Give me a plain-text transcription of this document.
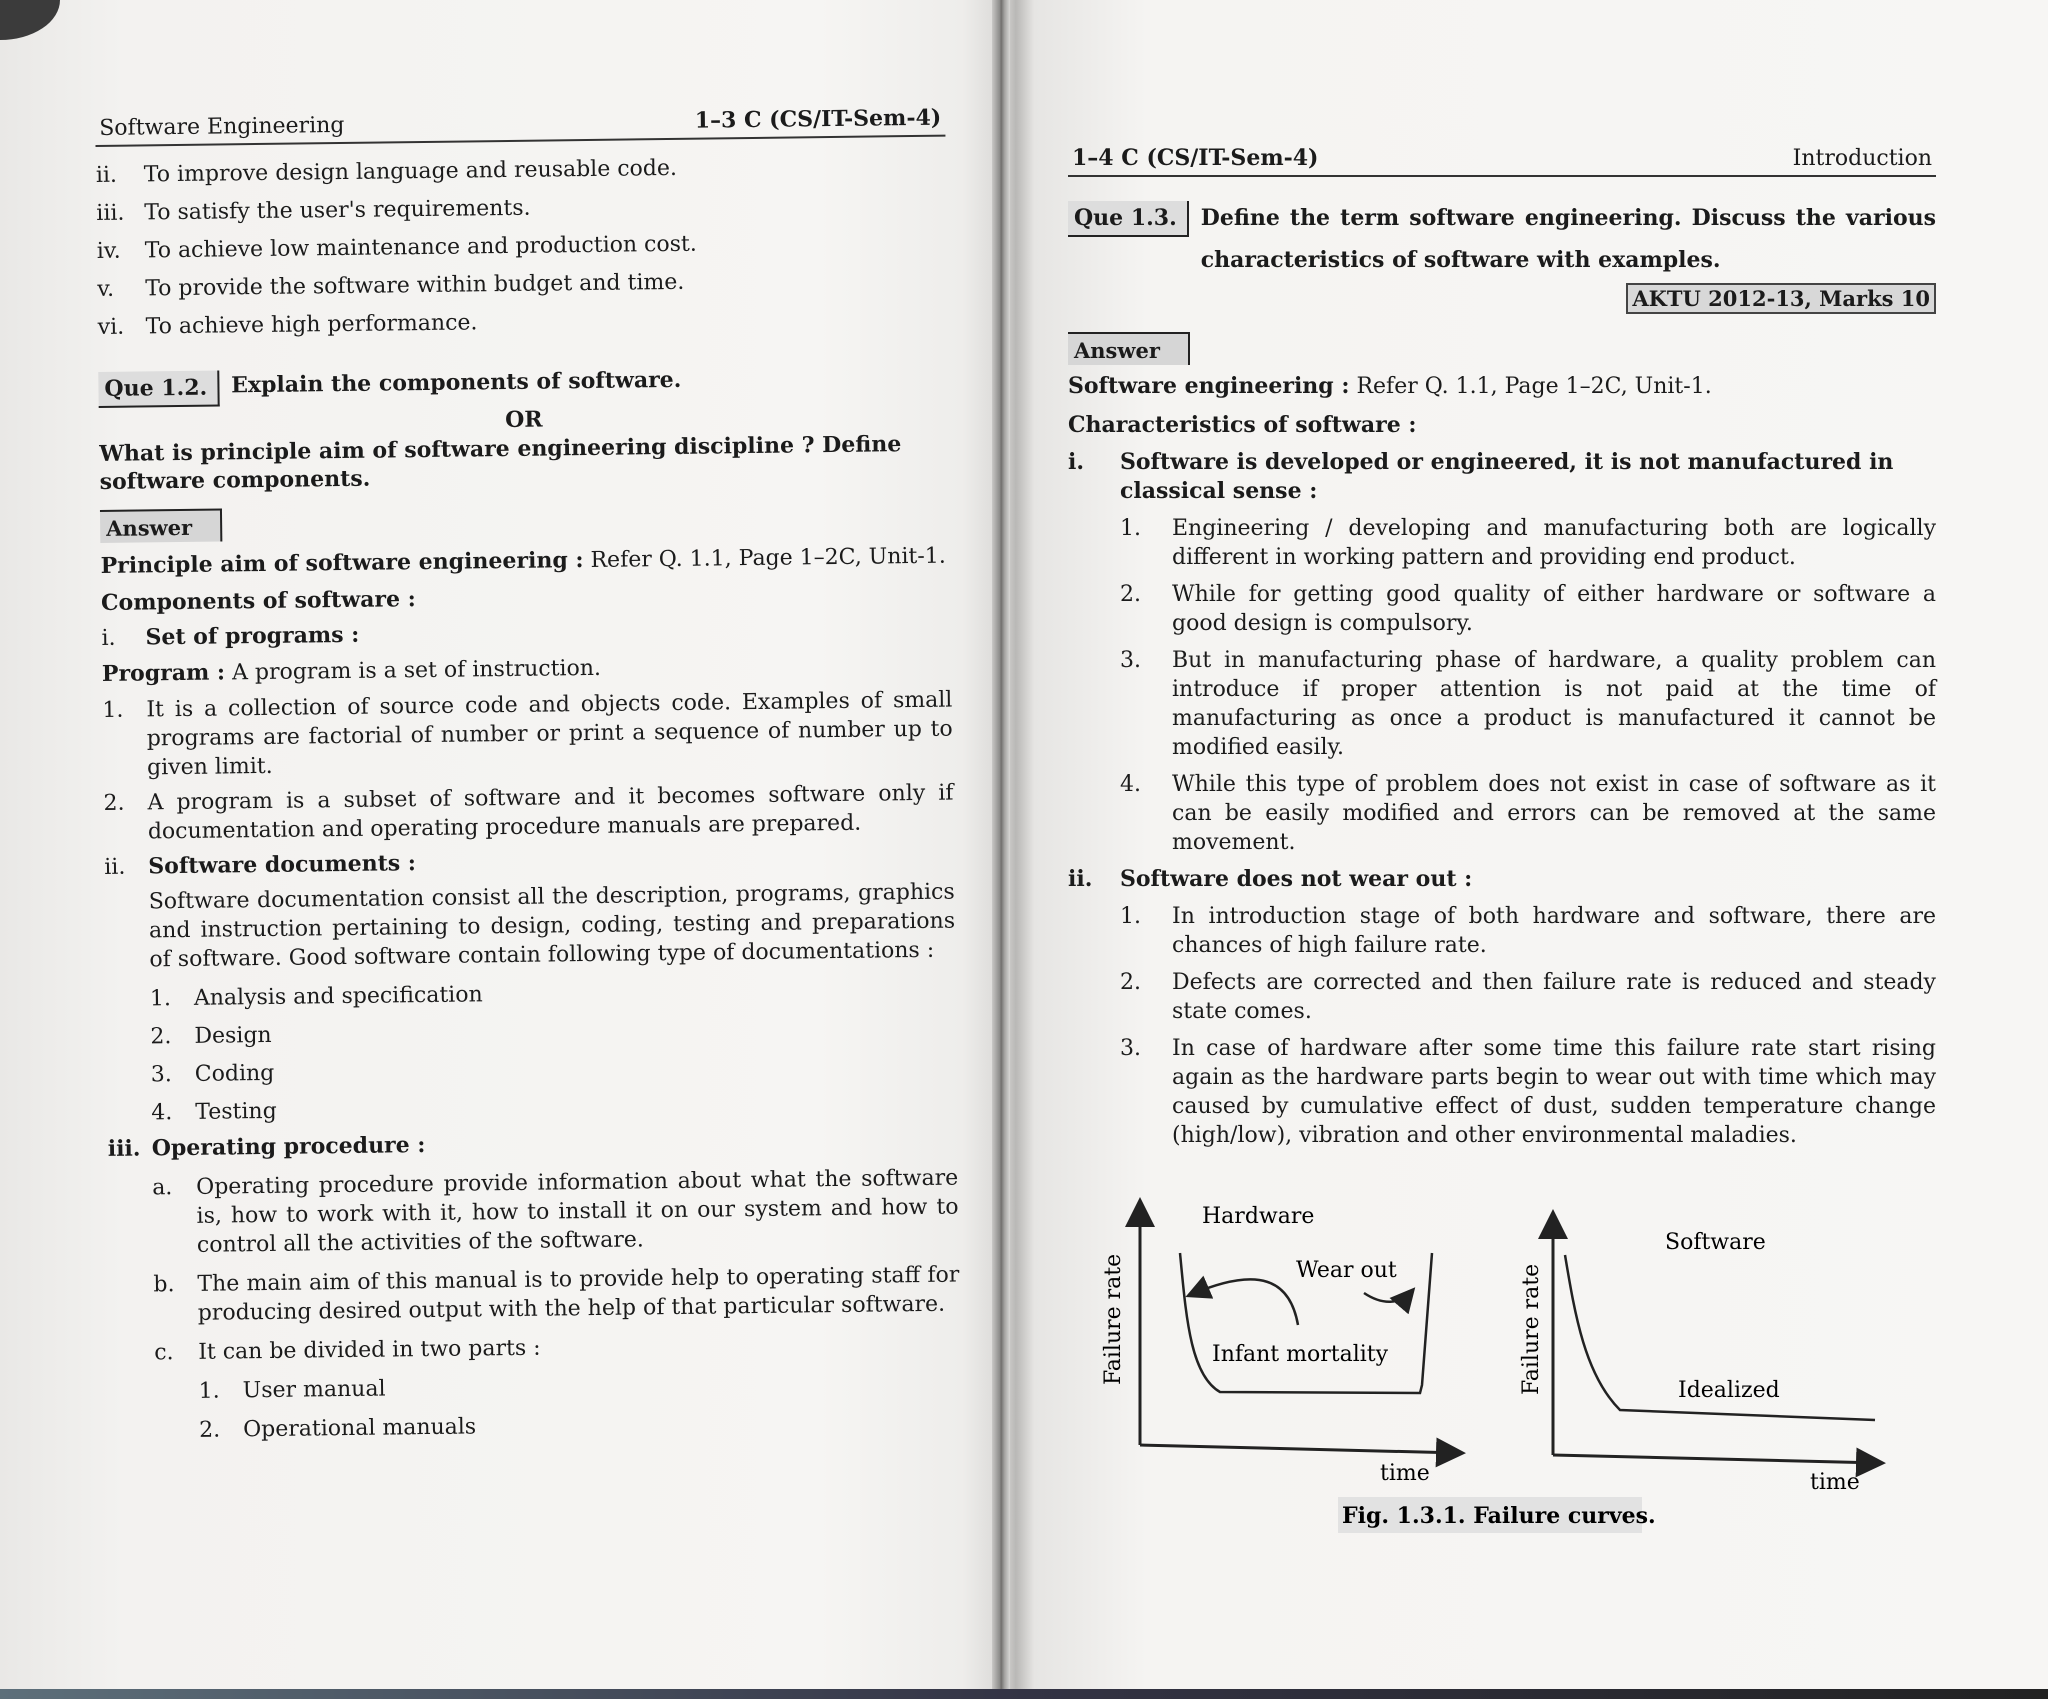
Software Engineering	1–3 C (CS/IT-Sem-4)
ii.	To improve design language and reusable code.
iii. To satisfy the user's requirements.
iv.	To achieve low maintenance and production cost.
v.	To provide the software within budget and time.
vi. To achieve high performance.
Que 1.2.	Explain the components of software.
OR
What is principle aim of software engineering discipline ? Define software components.
Answer
Principle aim of software engineering : Refer Q. 1.1, Page 1–2C, Unit-1.
Components of software :
i.	Set of programs :
Program : A program is a set of instruction.
1.	It is a collection of source code and objects code. Examples of small programs are factorial of number or print a sequence of number up to given limit.
2.	A program is a subset of software and it becomes software only if documentation and operating procedure manuals are prepared.
ii.	Software documents :
Software documentation consist all the description, programs, graphics and instruction pertaining to design, coding, testing and preparations of software. Good software contain following type of documentations :
1.	Analysis and specification
2.	Design
3.	Coding
4.	Testing
iii. Operating procedure :
a.	Operating procedure provide information about what the software is, how to work with it, how to install it on our system and how to control all the activities of the software.
b.	The main aim of this manual is to provide help to operating staff for producing desired output with the help of that particular software.
c.	It can be divided in two parts :
1.	User manual
2.	Operational manuals
1–4 C (CS/IT-Sem-4)	Introduction
Que 1.3.	Define the term software engineering. Discuss the various characteristics of software with examples.
AKTU 2012-13, Marks 10
Answer
Software engineering : Refer Q. 1.1, Page 1–2C, Unit-1.
Characteristics of software :
i.	Software is developed or engineered, it is not manufactured in classical sense :
1.	Engineering / developing and manufacturing both are logically different in working pattern and providing end product.
2.	While for getting good quality of either hardware or software a good design is compulsory.
3.	But in manufacturing phase of hardware, a quality problem can introduce if proper attention is not paid at the time of manufacturing as once a product is manufactured it cannot be modified easily.
4.	While this type of problem does not exist in case of software as it can be easily modified and errors can be removed at the same movement.
ii.	Software does not wear out :
1.	In introduction stage of both hardware and software, there are chances of high failure rate.
2.	Defects are corrected and then failure rate is reduced and steady state comes.
3.	In case of hardware after some time this failure rate start rising again as the hardware parts begin to wear out with time which may caused by cumulative effect of dust, sudden temperature change (high/low), vibration and other environmental maladies.
Hardware
Wear out
Infant mortality
Failure rate
time
Software
Idealized
Failure rate
time
Fig. 1.3.1. Failure curves.
